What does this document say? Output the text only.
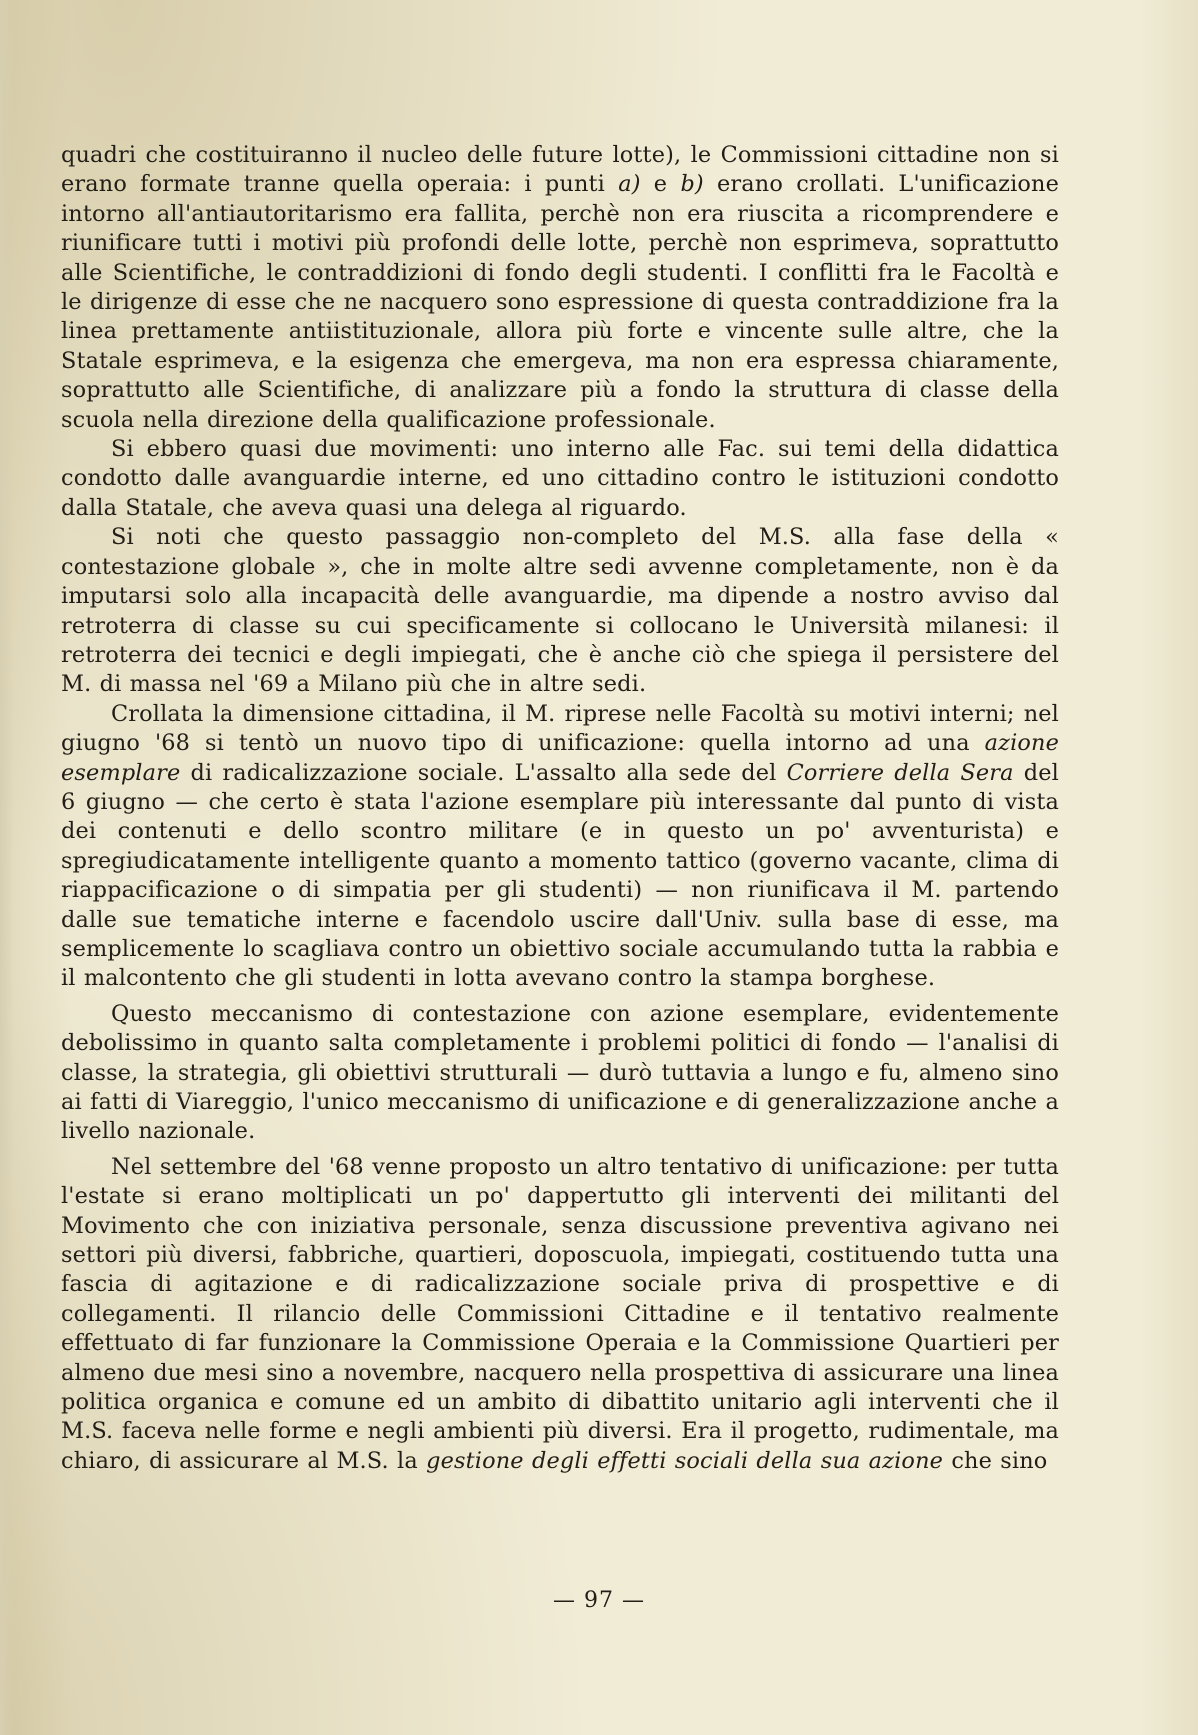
quadri che costituiranno il nucleo delle future lotte), le Commissioni cittadine non si erano formate tranne quella operaia: i punti a) e b) erano crollati. L'unificazione intorno all'antiautoritarismo era fallita, perchè non era riuscita a ricomprendere e riunificare tutti i motivi più profondi delle lotte, perchè non esprimeva, soprattutto alle Scientifiche, le contraddizioni di fondo degli studenti. I conflitti fra le Facoltà e le dirigenze di esse che ne nacquero sono espressione di questa contraddizione fra la linea prettamente antiistituzionale, allora più forte e vincente sulle altre, che la Statale esprimeva, e la esigenza che emergeva, ma non era espressa chiaramente, soprattutto alle Scientifiche, di analizzare più a fondo la struttura di classe della scuola nella direzione della qualificazione professionale.

Si ebbero quasi due movimenti: uno interno alle Fac. sui temi della didattica condotto dalle avanguardie interne, ed uno cittadino contro le istituzioni condotto dalla Statale, che aveva quasi una delega al riguardo.

Si noti che questo passaggio non-completo del M.S. alla fase della « contestazione globale », che in molte altre sedi avvenne completamente, non è da imputarsi solo alla incapacità delle avanguardie, ma dipende a nostro avviso dal retroterra di classe su cui specificamente si collocano le Università milanesi: il retroterra dei tecnici e degli impiegati, che è anche ciò che spiega il persistere del M. di massa nel '69 a Milano più che in altre sedi.

Crollata la dimensione cittadina, il M. riprese nelle Facoltà su motivi interni; nel giugno '68 si tentò un nuovo tipo di unificazione: quella intorno ad una azione esemplare di radicalizzazione sociale. L'assalto alla sede del Corriere della Sera del 6 giugno — che certo è stata l'azione esemplare più interessante dal punto di vista dei contenuti e dello scontro militare (e in questo un po' avventurista) e spregiudicatamente intelligente quanto a momento tattico (governo vacante, clima di riappacificazione o di simpatia per gli studenti) — non riunificava il M. partendo dalle sue tematiche interne e facendolo uscire dall'Univ. sulla base di esse, ma semplicemente lo scagliava contro un obiettivo sociale accumulando tutta la rabbia e il malcontento che gli studenti in lotta avevano contro la stampa borghese.

Questo meccanismo di contestazione con azione esemplare, evidentemente debolissimo in quanto salta completamente i problemi politici di fondo — l'analisi di classe, la strategia, gli obiettivi strutturali — durò tuttavia a lungo e fu, almeno sino ai fatti di Viareggio, l'unico meccanismo di unificazione e di generalizzazione anche a livello nazionale.

Nel settembre del '68 venne proposto un altro tentativo di unificazione: per tutta l'estate si erano moltiplicati un po' dappertutto gli interventi dei militanti del Movimento che con iniziativa personale, senza discussione preventiva agivano nei settori più diversi, fabbriche, quartieri, doposcuola, impiegati, costituendo tutta una fascia di agitazione e di radicalizzazione sociale priva di prospettive e di collegamenti. Il rilancio delle Commissioni Cittadine e il tentativo realmente effettuato di far funzionare la Commissione Operaia e la Commissione Quartieri per almeno due mesi sino a novembre, nacquero nella prospettiva di assicurare una linea politica organica e comune ed un ambito di dibattito unitario agli interventi che il M.S. faceva nelle forme e negli ambienti più diversi. Era il progetto, rudimentale, ma chiaro, di assicurare al M.S. la gestione degli effetti sociali della sua azione che sino

— 97 —
